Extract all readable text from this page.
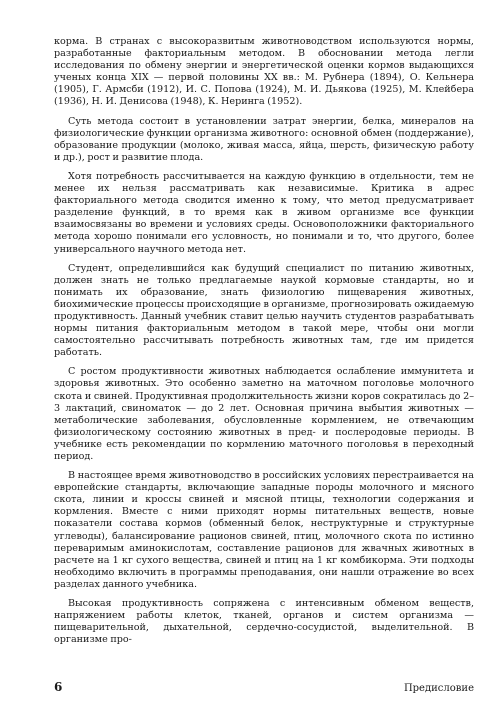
корма. В странах с высокоразвитым животноводством используются нормы, разработанные факториальным методом. В обосновании метода легли исследования по обмену энергии и энергетической оценки кормов выдающихся ученых конца XIX — первой половины XX вв.: М. Рубнера (1894), О. Кельнера (1905), Г. Армсби (1912), И. С. Попова (1924), М. И. Дьякова (1925), М. Клейбера (1936), Н. И. Денисова (1948), К. Неринга (1952).

Суть метода состоит в установлении затрат энергии, белка, минералов на физиологические функции организма животного: основной обмен (поддержание), образование продукции (молоко, живая масса, яйца, шерсть, физическую работу и др.), рост и развитие плода.

Хотя потребность рассчитывается на каждую функцию в отдельности, тем не менее их нельзя рассматривать как независимые. Критика в адрес факториального метода сводится именно к тому, что метод предусматривает разделение функций, в то время как в живом организме все функции взаимосвязаны во времени и условиях среды. Основоположники факториального метода хорошо понимали его условность, но понимали и то, что другого, более универсального научного метода нет.

Студент, определившийся как будущий специалист по питанию животных, должен знать не только предлагаемые наукой кормовые стандарты, но и понимать их образование, знать физиологию пищеварения животных, биохимические процессы происходящие в организме, прогнозировать ожидаемую продуктивность. Данный учебник ставит целью научить студентов разрабатывать нормы питания факториальным методом в такой мере, чтобы они могли самостоятельно рассчитывать потребность животных там, где им придется работать.

С ростом продуктивности животных наблюдается ослабление иммунитета и здоровья животных. Это особенно заметно на маточном поголовье молочного скота и свиней. Продуктивная продолжительность жизни коров сократилась до 2–3 лактаций, свиноматок — до 2 лет. Основная причина выбытия животных — метаболические заболевания, обусловленные кормлением, не отвечающим физиологическому состоянию животных в пред- и послеродовые периоды. В учебнике есть рекомендации по кормлению маточного поголовья в переходный период.

В настоящее время животноводство в российских условиях перестраивается на европейские стандарты, включающие западные породы молочного и мясного скота, линии и кроссы свиней и мясной птицы, технологии содержания и кормления. Вместе с ними приходят нормы питательных веществ, новые показатели состава кормов (обменный белок, неструктурные и структурные углеводы), балансирование рационов свиней, птиц, молочного скота по истинно переваримым аминокислотам, составление рационов для жвачных животных в расчете на 1 кг сухого вещества, свиней и птиц на 1 кг комбикорма. Эти подходы необходимо включить в программы преподавания, они нашли отражение во всех разделах данного учебника.

Высокая продуктивность сопряжена с интенсивным обменом веществ, напряжением работы клеток, тканей, органов и систем организма — пищеварительной, дыхательной, сердечно-сосудистой, выделительной. В организме про-

6	Предисловие
